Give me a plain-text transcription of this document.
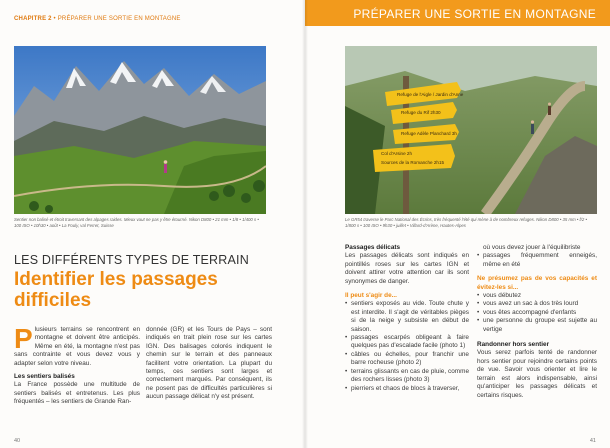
CHAPITRE 2 • PRÉPARER UNE SORTIE EN MONTAGNE
Sentier non balisé et étroit traversant des alpages raides. Mieux vaut ne pas y être étourné. Nikon D800 • 21 mm • 1/8 • 1/400 s • 100 ISO • 10h30 • août • La Fouly, val Ferret, Suisse
LES DIFFÉRENTS TYPES DE TERRAIN
Identifier les passages difficiles
P lusieurs terrains se rencontrent en montagne et doivent être anticipés. Même en été, la montagne n'est pas sans contrainte et vous devez vous y adapter selon votre niveau.

Les sentiers balisés

La France possède une multitude de sentiers balisés et entretenus. Les plus fréquentés – les sentiers de Grande Ran-

donnée (GR) et les Tours de Pays – sont indiqués en trait plein rose sur les cartes IGN. Des balisages colorés indiquent le chemin sur le terrain et des panneaux facilitent votre orientation. La plupart du temps, ces sentiers sont larges et correctement marqués. Par conséquent, ils ne posent pas de difficultés particulières si aucun passage délicat n'y est présent.

40
PRÉPARER UNE SORTIE EN MONTAGNE
Refuge de l'Aigle / Jardin d'Anne
Refuge du Rif 2h30
Refuge Adèle Planchard 3h
Col d'Arsine 2h
Sources de la Romanche 2h15
Le GR54 traverse le Parc National des Écrins, très fréquenté l'été qui mène à de nombreux refuges. Nikon D800 • 35 mm • f/2 • 1/800 s • 100 ISO • 9h30 • juillet • Villard-d'Arène, Hautes-Alpes

Passages délicats

Les passages délicats sont indiqués en pointillés roses sur les cartes IGN et doivent attirer votre attention car ils sont synonymes de danger.

Il peut s'agir de...

• sentiers exposés au vide. Toute chute y est interdite. Il s'agit de véritables pièges si de la neige y subsiste en début de saison.
• passages escarpés obligeant à faire quelques pas d'escalade facile (photo 1)
• câbles ou échelles, pour franchir une barre rocheuse (photo 2)
• terrains glissants en cas de pluie, comme des rochers lisses (photo 3)
• pierriers et chaos de blocs à traverser,

où vous devez jouer à l'équilibriste

• passages fréquemment enneigés, même en été

Ne présumez pas de vos capacités et évitez-les si...

• vous débutez
• vous avez un sac à dos très lourd
• vous êtes accompagné d'enfants
• une personne du groupe est sujette au vertige

Randonner hors sentier

Vous serez parfois tenté de randonner hors sentier pour rejoindre certains points de vue. Savoir vous orienter et lire le terrain est alors indispensable, ainsi qu'anticiper les passages délicats et certains risques.

41
